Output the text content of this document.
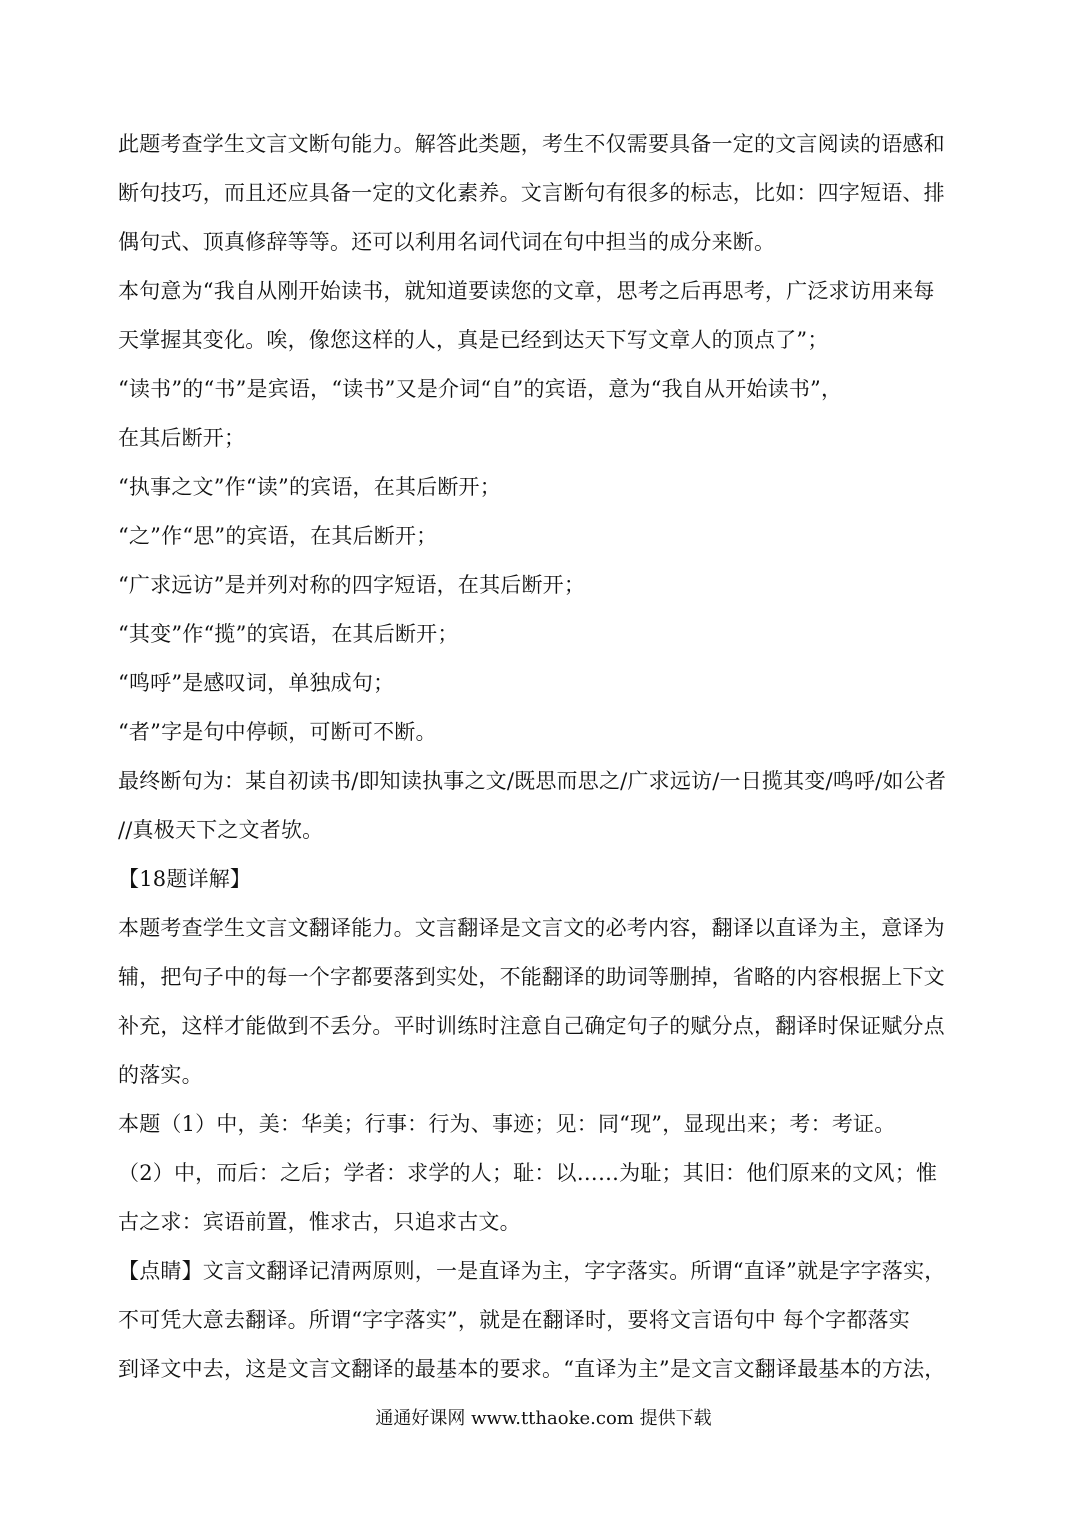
此题考查学生文言文断句能力。解答此类题，考生不仅需要具备一定的文言阅读的语感和
断句技巧，而且还应具备一定的文化素养。文言断句有很多的标志，比如：四字短语、排
偶句式、顶真修辞等等。还可以利用名词代词在句中担当的成分来断。
本句意为“我自从刚开始读书，就知道要读您的文章，思考之后再思考，广泛求访用来每
天掌握其变化。唉，像您这样的人，真是已经到达天下写文章人的顶点了”；
“读书”的“书”是宾语，“读书”又是介词“自”的宾语，意为“我自从开始读书”，
在其后断开；
“执事之文”作“读”的宾语，在其后断开；
“之”作“思”的宾语，在其后断开；
“广求远访”是并列对称的四字短语，在其后断开；
“其变”作“揽”的宾语，在其后断开；
“鸣呼”是感叹词，单独成句；
“者”字是句中停顿，可断可不断。
最终断句为：某自初读书/即知读执事之文/既思而思之/广求远访/一日揽其变/鸣呼/如公者
//真极天下之文者欤。
【18题详解】
本题考查学生文言文翻译能力。文言翻译是文言文的必考内容，翻译以直译为主，意译为
辅，把句子中的每一个字都要落到实处，不能翻译的助词等删掉，省略的内容根据上下文
补充，这样才能做到不丢分。平时训练时注意自己确定句子的赋分点，翻译时保证赋分点
的落实。
本题（1）中，美：华美；行事：行为、事迹；见：同“现”，显现出来；考：考证。
（2）中，而后：之后；学者：求学的人；耻：以……为耻；其旧：他们原来的文风；惟
古之求：宾语前置，惟求古，只追求古文。
【点睛】文言文翻译记清两原则，一是直译为主，字字落实。所谓“直译”就是字字落实，
不可凭大意去翻译。所谓“字字落实”，就是在翻译时，要将文言语句中 每个字都落实
到译文中去，这是文言文翻译的最基本的要求。“直译为主”是文言文翻译最基本的方法，
通通好课网 www.tthaoke.com 提供下载
